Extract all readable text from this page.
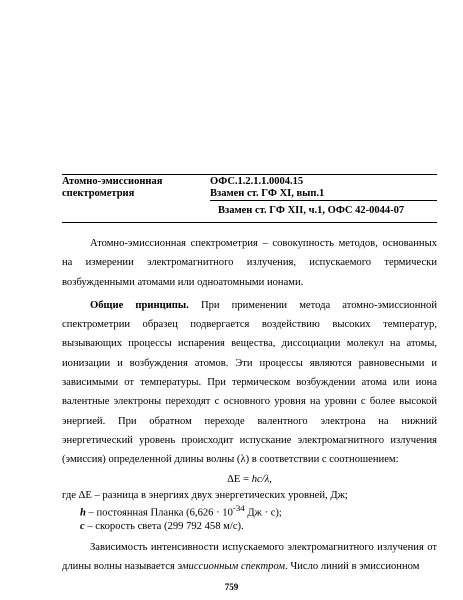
Атомно-эмиссионная
спектрометрия
ОФС.1.2.1.1.0004.15
Взамен ст. ГФ XI, вып.1
Взамен ст. ГФ XII, ч.1, ОФС 42-0044-07

Атомно-эмиссионная спектрометрия – совокупность методов, основанных на измерении электромагнитного излучения, испускаемого термически возбужденными атомами или одноатомными ионами.

Общие принципы. При применении метода атомно-эмиссионной спектрометрии образец подвергается воздействию высоких температур, вызывающих процессы испарения вещества, диссоциации молекул на атомы, ионизации и возбуждения атомов. Эти процессы являются равновесными и зависимыми от температуры. При термическом возбуждении атома или иона валентные электроны переходят с основного уровня на уровни с более высокой энергией. При обратном переходе валентного электрона на нижний энергетический уровень происходит испускание электромагнитного излучения (эмиссия) определенной длины волны (λ) в соответствии с соотношением:

ΔE = hc/λ,

где ΔE – разница в энергиях двух энергетических уровней, Дж;
h – постоянная Планка ($6,626 \cdot 10^{-34}$ Дж · с);
c – скорость света (299 792 458 м/с).

Зависимость интенсивности испускаемого электромагнитного излучения от длины волны называется эмиссионным спектром. Число линий в эмиссионном

759
